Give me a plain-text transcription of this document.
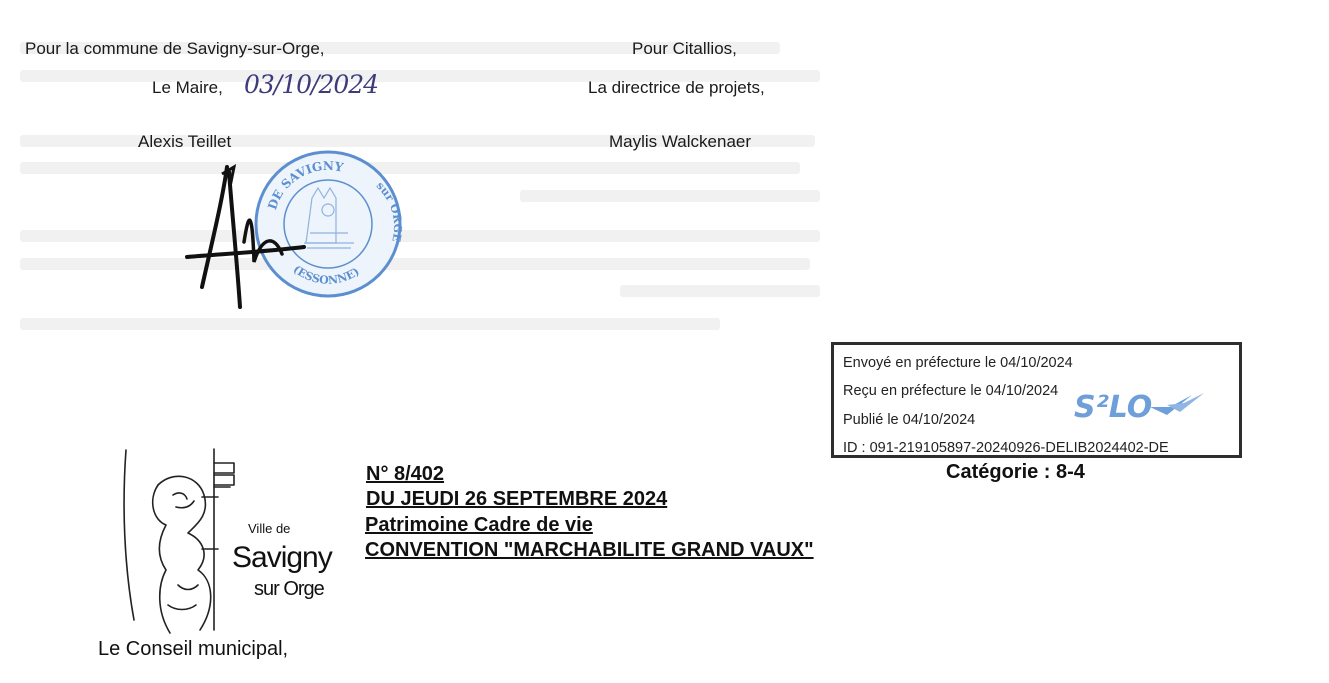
Pour la commune de Savigny-sur-Orge,
Le Maire, 03/10/2024
Alexis Teillet
Pour Citallios,
La directrice de projets,
Maylis Walckenaer
DE SAVIGNY
sur ORGE
(ESSONNE)
Envoyé en préfecture le 04/10/2024
Reçu en préfecture le 04/10/2024
Publié le 04/10/2024
ID : 091-219105897-20240926-DELIB2024402-DE
S²LO
Catégorie : 8-4
Ville de
Savigny
sur Orge
N° 8/402
DU JEUDI 26 SEPTEMBRE 2024
Patrimoine Cadre de vie
CONVENTION "MARCHABILITE GRAND VAUX"
Le Conseil municipal,
